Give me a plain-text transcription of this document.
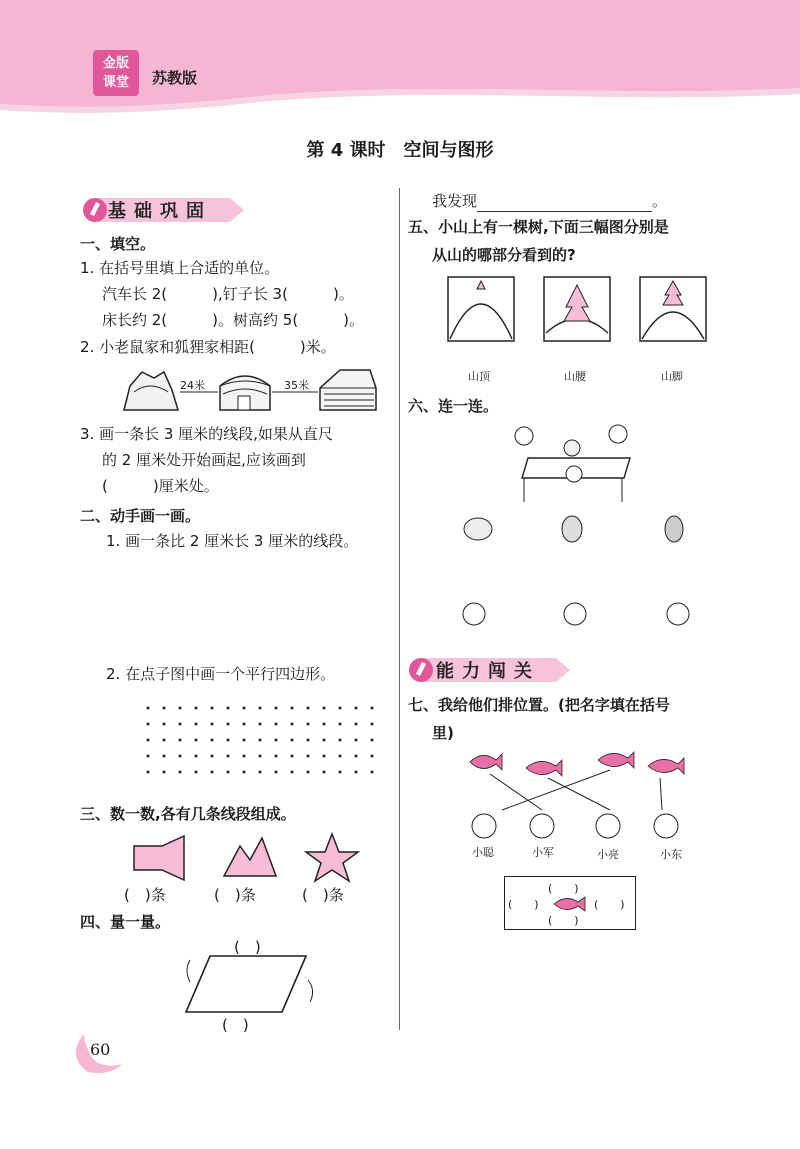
金版
课堂	苏教版
第 4 课时　空间与图形
基础巩固
一、填空。
1. 在括号里填上合适的单位。
汽车长 2(　　　),钉子长 3(　　　)。
床长约 2(　　　)。树高约 5(　　　)。
2. 小老鼠家和狐狸家相距(　　　)米。
24米	35米
3. 画一条长 3 厘米的线段,如果从直尺
的 2 厘米处开始画起,应该画到
(　　　)厘米处。
二、动手画一画。
1. 画一条比 2 厘米长 3 厘米的线段。
2. 在点子图中画一个平行四边形。
三、数一数,各有几条线段组成。
(　)条	(　)条	(　)条
四、量一量。
(　)
(　)
我发现	。
五、小山上有一棵树,下面三幅图分别是
从山的哪部分看到的?
山顶	山腰	山脚
六、连一连。
能力闯关
七、我给他们排位置。(把名字填在括号
里)
小聪	小军	小亮	小东
(　　)
(　　)	(　　)
(　　)
60
